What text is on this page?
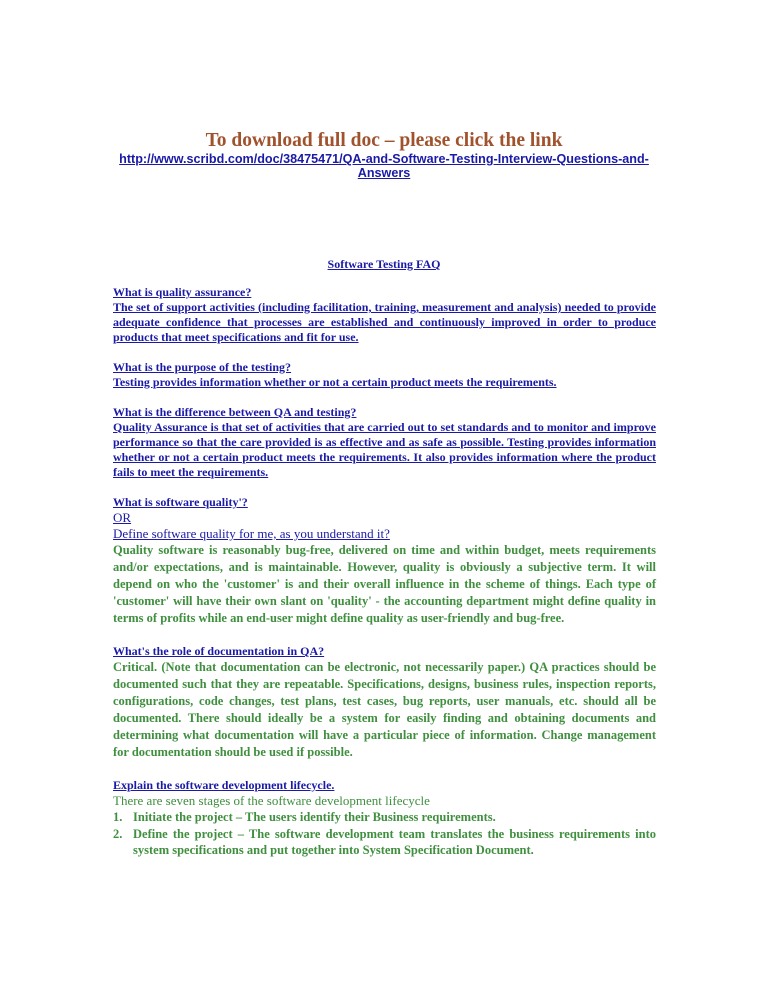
To download full doc – please click the link
http://www.scribd.com/doc/38475471/QA-and-Software-Testing-Interview-Questions-and-Answers
Software Testing FAQ

What is quality assurance?

The set of support activities (including facilitation, training, measurement and analysis) needed to provide adequate confidence that processes are established and continuously improved in order to produce products that meet specifications and fit for use.

What is the purpose of the testing?

Testing provides information whether or not a certain product meets the requirements.

What is the difference between QA and testing?

Quality Assurance is that set of activities that are carried out to set standards and to monitor and improve performance so that the care provided is as effective and as safe as possible. Testing provides information whether or not a certain product meets the requirements. It also provides information where the product fails to meet the requirements.

What is software quality'?

OR

Define software quality for me, as you understand it?

Quality software is reasonably bug-free, delivered on time and within budget, meets requirements and/or expectations, and is maintainable. However, quality is obviously a subjective term. It will depend on who the 'customer' is and their overall influence in the scheme of things. Each type of 'customer' will have their own slant on 'quality' - the accounting department might define quality in terms of profits while an end-user might define quality as user-friendly and bug-free.

What's the role of documentation in QA?

Critical. (Note that documentation can be electronic, not necessarily paper.) QA practices should be documented such that they are repeatable. Specifications, designs, business rules, inspection reports, configurations, code changes, test plans, test cases, bug reports, user manuals, etc. should all be documented. There should ideally be a system for easily finding and obtaining documents and determining what documentation will have a particular piece of information. Change management for documentation should be used if possible.

Explain the software development lifecycle.

There are seven stages of the software development lifecycle

1. Initiate the project – The users identify their Business requirements.
2. Define the project – The software development team translates the business requirements into system specifications and put together into System Specification Document.
